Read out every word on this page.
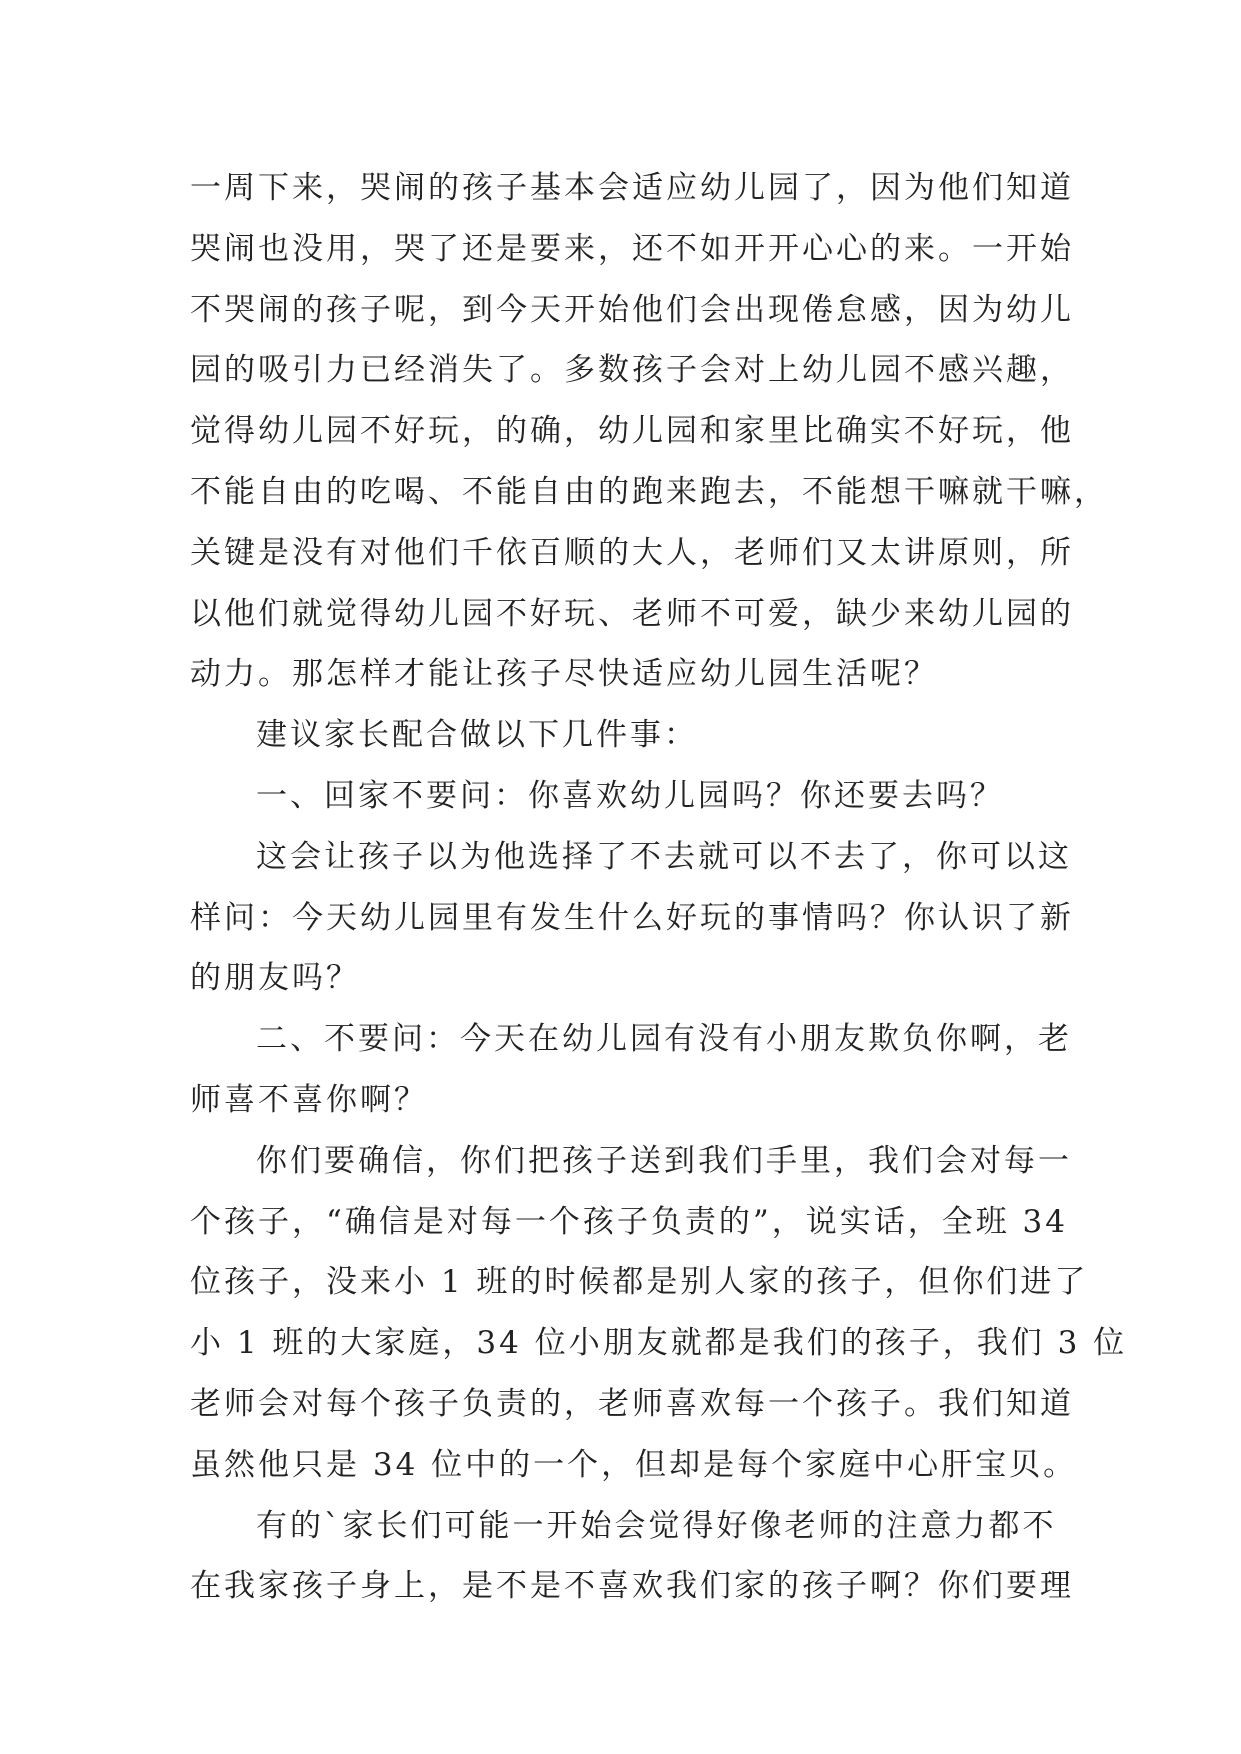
一周下来，哭闹的孩子基本会适应幼儿园了，因为他们知道
哭闹也没用，哭了还是要来，还不如开开心心的来。一开始
不哭闹的孩子呢，到今天开始他们会出现倦怠感，因为幼儿
园的吸引力已经消失了。多数孩子会对上幼儿园不感兴趣，
觉得幼儿园不好玩，的确，幼儿园和家里比确实不好玩，他
不能自由的吃喝、不能自由的跑来跑去，不能想干嘛就干嘛，
关键是没有对他们千依百顺的大人，老师们又太讲原则，所
以他们就觉得幼儿园不好玩、老师不可爱，缺少来幼儿园的
动力。那怎样才能让孩子尽快适应幼儿园生活呢？
建议家长配合做以下几件事：
一、回家不要问：你喜欢幼儿园吗？你还要去吗？
这会让孩子以为他选择了不去就可以不去了，你可以这
样问：今天幼儿园里有发生什么好玩的事情吗？你认识了新
的朋友吗？
二、不要问：今天在幼儿园有没有小朋友欺负你啊，老
师喜不喜你啊？
你们要确信，你们把孩子送到我们手里，我们会对每一
个孩子，“确信是对每一个孩子负责的”，说实话，全班 34
位孩子，没来小 1 班的时候都是别人家的孩子，但你们进了
小 1 班的大家庭，34 位小朋友就都是我们的孩子，我们 3 位
老师会对每个孩子负责的，老师喜欢每一个孩子。我们知道
虽然他只是 34 位中的一个，但却是每个家庭中心肝宝贝。
有的`家长们可能一开始会觉得好像老师的注意力都不
在我家孩子身上，是不是不喜欢我们家的孩子啊？你们要理
